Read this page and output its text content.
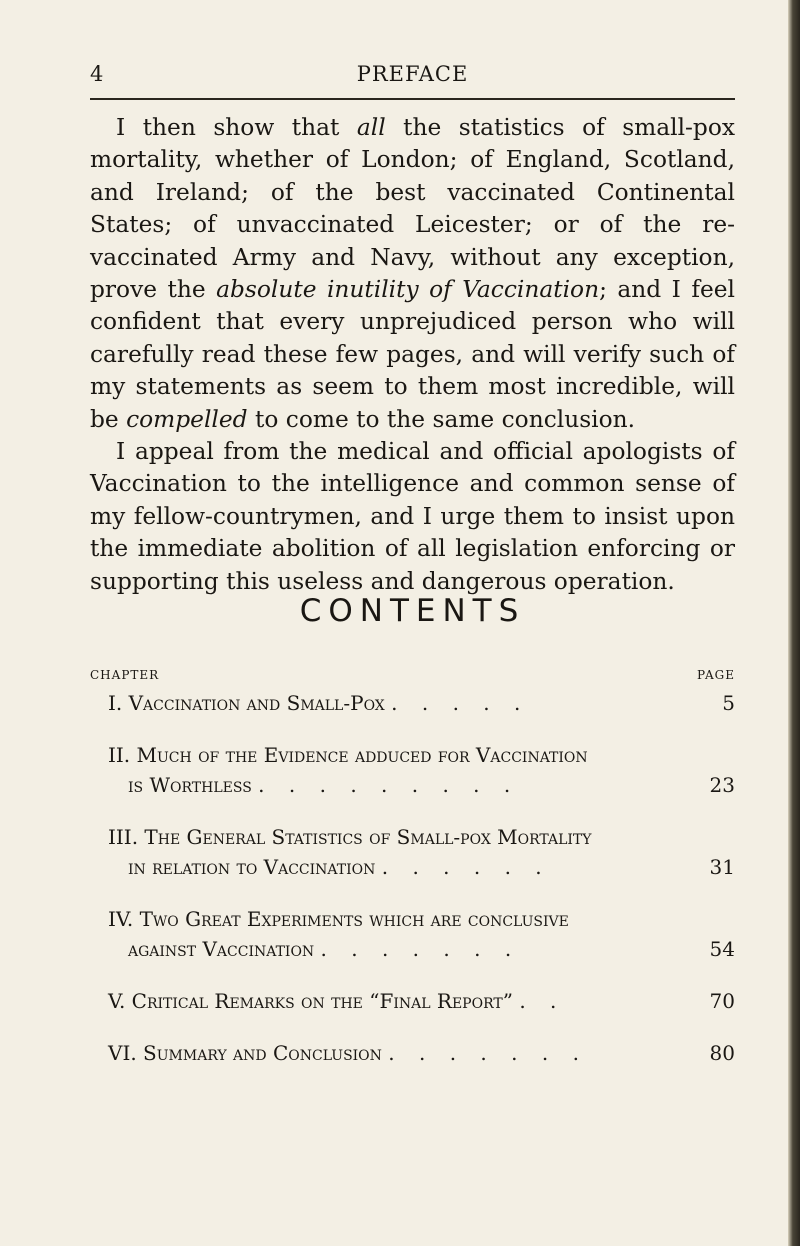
4	PREFACE

I then show that all the statistics of small-pox mortality, whether of London; of England, Scotland, and Ireland; of the best vaccinated Continental States; of unvaccinated Leicester; or of the re-vaccinated Army and Navy, without any exception, prove the absolute inutility of Vaccination; and I feel confident that every unprejudiced person who will carefully read these few pages, and will verify such of my statements as seem to them most incredible, will be compelled to come to the same conclusion.

I appeal from the medical and official apologists of Vaccination to the intelligence and common sense of my fellow-countrymen, and I urge them to insist upon the immediate abolition of all legislation enforcing or supporting this useless and dangerous operation.

CONTENTS
CHAPTER	PAGE
I. Vaccination and Small-Pox . . . . .	5
II. Much of the Evidence adduced for Vaccination
is Worthless . . . . . . . . .	23
III. The General Statistics of Small-pox Mortality
in relation to Vaccination . . . . . .	31
IV. Two Great Experiments which are conclusive
against Vaccination . . . . . . .	54
V. Critical Remarks on the “Final Report” . .	70
VI. Summary and Conclusion . . . . . . .	80
